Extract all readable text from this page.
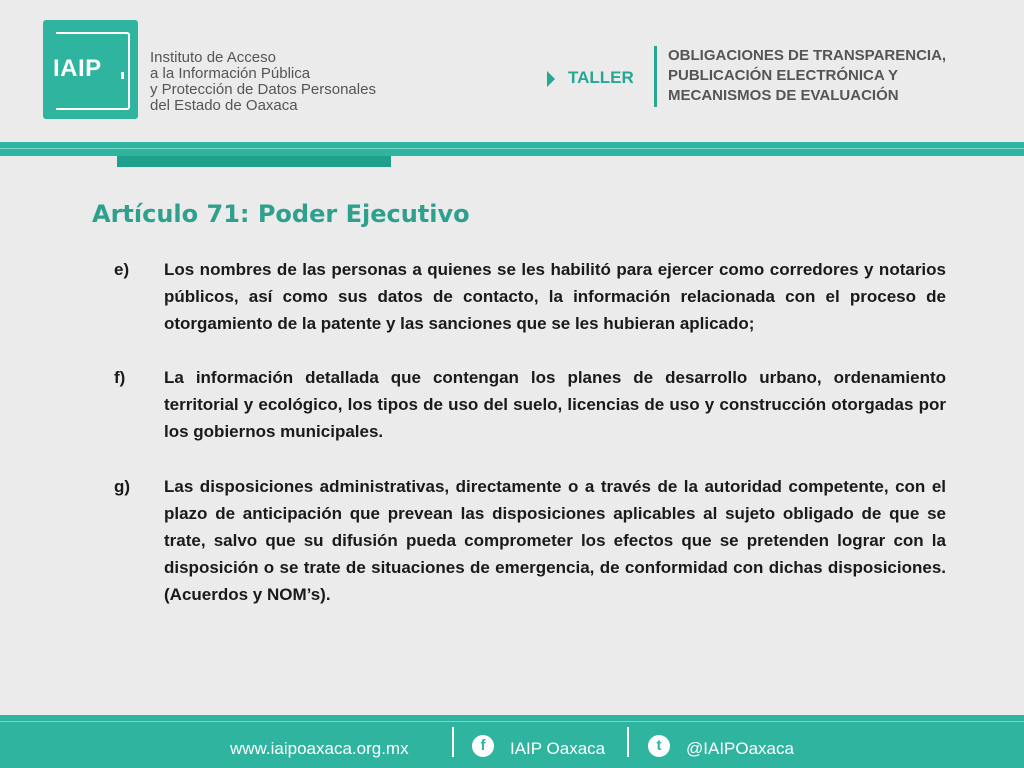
IAIP	Instituto de Acceso
a la Información Pública
y Protección de Datos Personales
del Estado de Oaxaca
TALLER
OBLIGACIONES DE TRANSPARENCIA,
PUBLICACIÓN ELECTRÓNICA Y
MECANISMOS DE EVALUACIÓN
Artículo 71: Poder Ejecutivo
e) Los nombres de las personas a quienes se les habilitó para ejercer como corredores y notarios públicos, así como sus datos de contacto, la información relacionada con el proceso de otorgamiento de la patente y las sanciones que se les hubieran aplicado;
f) La información detallada que contengan los planes de desarrollo urbano, ordenamiento territorial y ecológico, los tipos de uso del suelo, licencias de uso y construcción otorgadas por los gobiernos municipales.
g) Las disposiciones administrativas, directamente o a través de la autoridad competente, con el plazo de anticipación que prevean las disposiciones aplicables al sujeto obligado de que se trate, salvo que su difusión pueda comprometer los efectos que se pretenden lograr con la disposición o se trate de situaciones de emergencia, de conformidad con dichas disposiciones. (Acuerdos y NOM’s).
www.iaipoaxaca.org.mx	f	IAIP Oaxaca	t	@IAIPOaxaca
